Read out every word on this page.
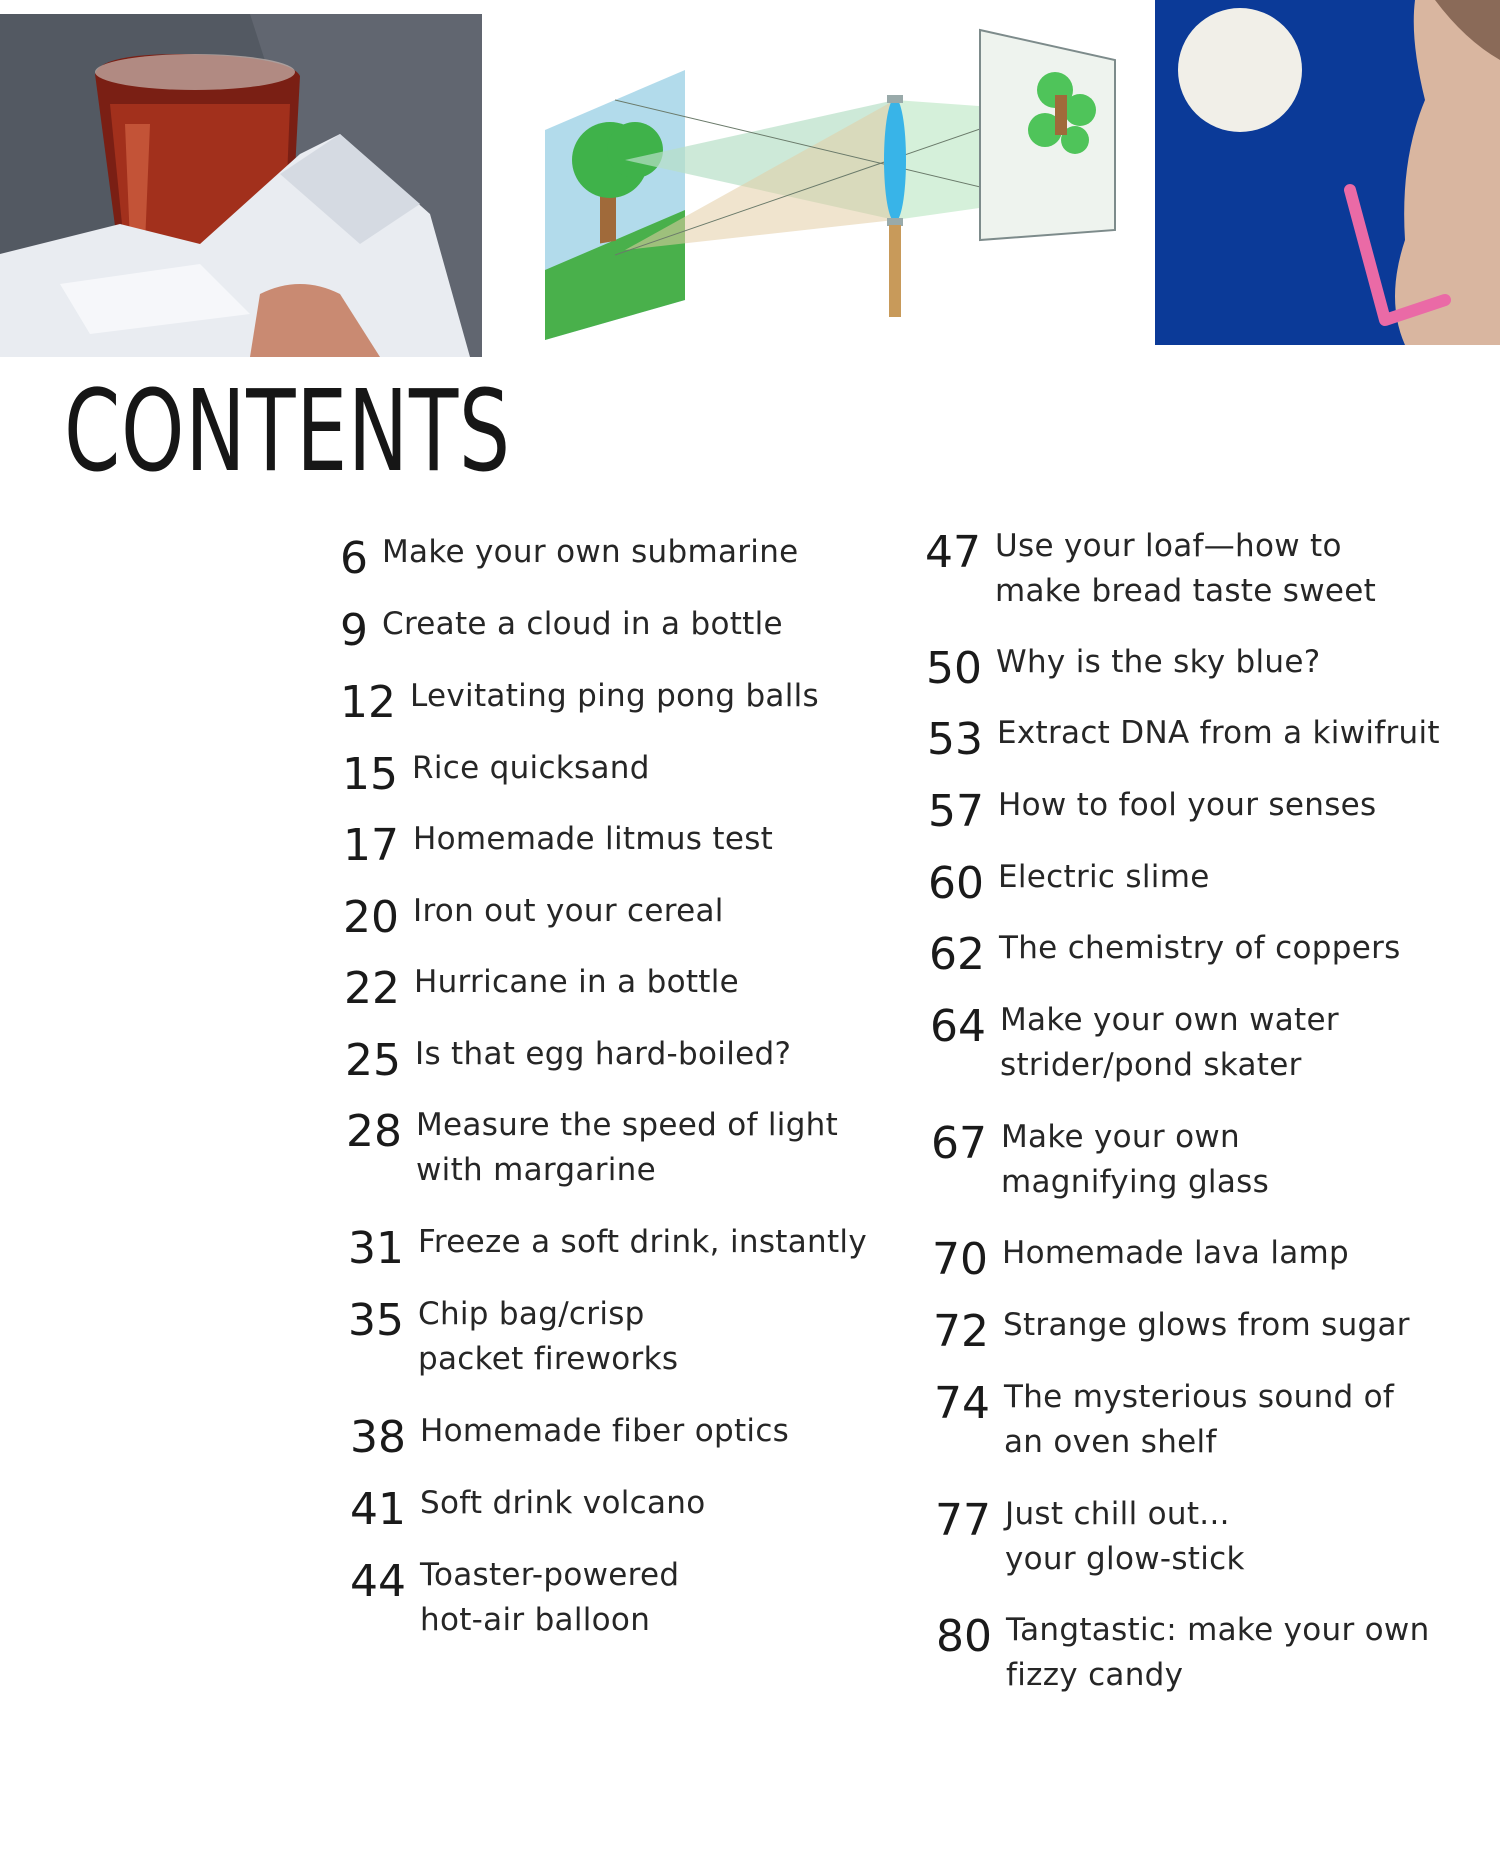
CONTENTS
6 Make your own submarine
9 Create a cloud in a bottle
12 Levitating ping pong balls
15 Rice quicksand
17 Homemade litmus test
20 Iron out your cereal
22 Hurricane in a bottle
25 Is that egg hard-boiled?
28 Measure the speed of light
with margarine
31 Freeze a soft drink, instantly
35 Chip bag/crisp
packet fireworks
38 Homemade fiber optics
41 Soft drink volcano
44 Toaster-powered
hot-air balloon
47 Use your loaf—how to
make bread taste sweet
50 Why is the sky blue?
53 Extract DNA from a kiwifruit
57 How to fool your senses
60 Electric slime
62 The chemistry of coppers
64 Make your own water
strider/pond skater
67 Make your own
magnifying glass
70 Homemade lava lamp
72 Strange glows from sugar
74 The mysterious sound of
an oven shelf
77 Just chill out...
your glow-stick
80 Tangtastic: make your own
fizzy candy
